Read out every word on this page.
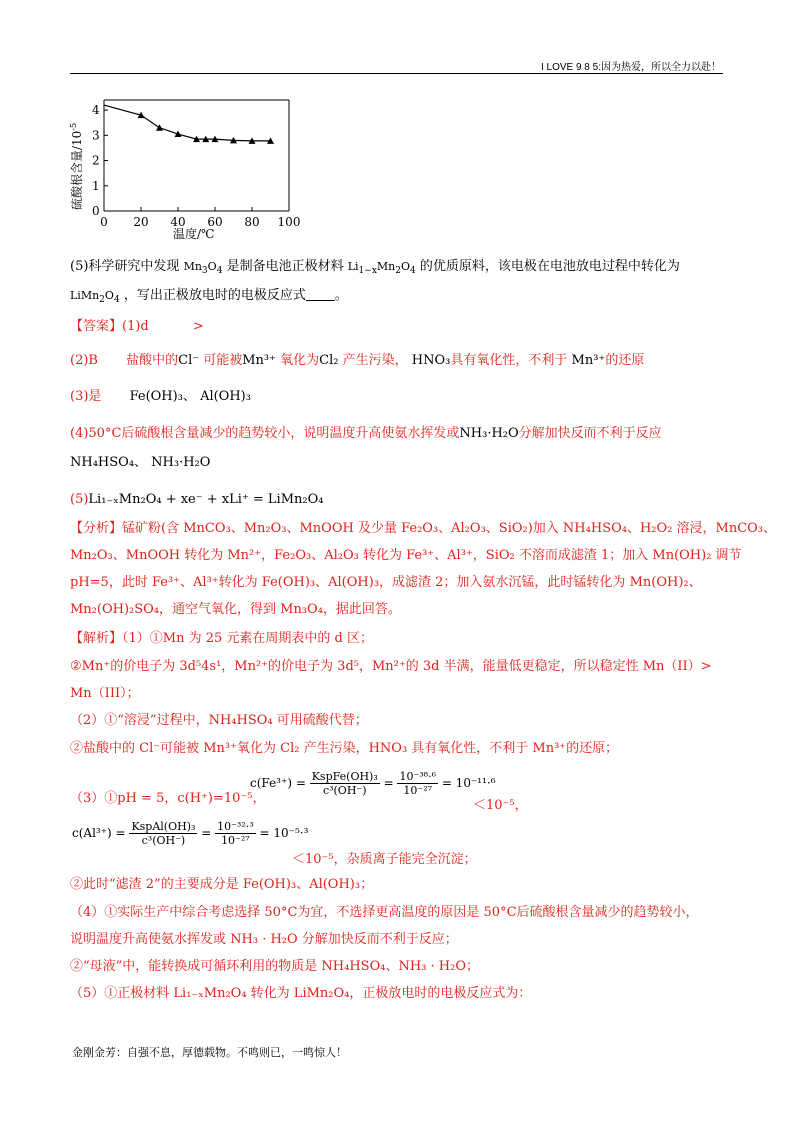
I LOVE 9 8 5:因为热爱，所以全力以赴！
硫酸根含量$/10^{-5}$
0
1
2
3
4
0 20 40 60 80 100
温度/℃
(5)科学研究中发现 $Mn_3O_4$ 是制备电池正极材料 $Li_{1-x}Mn_2O_4$ 的优质原料，该电极在电池放电过程中转化为
$LiMn_2O_4$ ，写出正极放电时的电极反应式 。
【答案】(1)d	>
(2)B 盐酸中的Cl⁻ 可能被Mn³⁺ 氧化为Cl₂ 产生污染， HNO₃具有氧化性，不利于 Mn³⁺的还原
(3)是 Fe(OH)₃、 Al(OH)₃
(4)50°C后硫酸根含量减少的趋势较小，说明温度升高使氨水挥发或NH₃·H₂O分解加快反而不利于反应
NH₄HSO₄、 NH₃·H₂O
(5)Li₁₋ₓMn₂O₄ + xe⁻ + xLi⁺ = LiMn₂O₄
【分析】锰矿粉(含 MnCO₃、Mn₂O₃、MnOOH 及少量 Fe₂O₃、Al₂O₃、SiO₂)加入 NH₄HSO₄、H₂O₂ 溶浸，MnCO₃、
Mn₂O₃、MnOOH 转化为 Mn²⁺，Fe₂O₃、Al₂O₃ 转化为 Fe³⁺、Al³⁺，SiO₂ 不溶而成滤渣 1；加入 Mn(OH)₂ 调节
pH=5，此时 Fe³⁺、Al³⁺转化为 Fe(OH)₃、Al(OH)₃，成滤渣 2；加入氨水沉锰，此时锰转化为 Mn(OH)₂、
Mn₂(OH)₂SO₄，通空气氧化，得到 Mn₃O₄，据此回答。
【解析】（1）①Mn 为 25 元素在周期表中的 d 区；
②Mn⁺的价电子为 3d⁵4s¹，Mn²⁺的价电子为 3d⁵，Mn²⁺的 3d 半满，能量低更稳定，所以稳定性 Mn（II）>
Mn（III）；
（2）①“溶浸”过程中，NH₄HSO₄ 可用硫酸代替；
②盐酸中的 Cl⁻可能被 Mn³⁺氧化为 Cl₂ 产生污染，HNO₃ 具有氧化性，不利于 Mn³⁺的还原；
（3）①pH = 5，c(H⁺)=10⁻⁵，
$c(Fe^{3+}) = \frac{\text{KspFe(OH)₃}}{\text{c³(OH⁻)}} = \frac{\text{10⁻³⁸·⁶}}{\text{10⁻²⁷}} = 10^{-11}\cdot^6$
＜10⁻⁵，
$c(Al^{3+}) = \frac{\text{KspAl(OH)₃}}{\text{c³(OH⁻)}} = \frac{\text{10⁻³²·³}}{\text{10⁻²⁷}} = 10^{-5}\cdot^3$
＜10⁻⁵，杂质离子能完全沉淀；
②此时“滤渣 2”的主要成分是 Fe(OH)₃、Al(OH)₃；
（4）①实际生产中综合考虑选择 50°C为宜，不选择更高温度的原因是 50°C后硫酸根含量减少的趋势较小，
说明温度升高使氨水挥发或 NH₃ · H₂O 分解加快反而不利于反应；
②“母液”中，能转换成可循环利用的物质是 NH₄HSO₄、NH₃ · H₂O；
（5）①正极材料 Li₁₋ₓMn₂O₄ 转化为 LiMn₂O₄，正极放电时的电极反应式为：
金刚金芳：自强不息，厚德载物。不鸣则已，一鸣惊人！
